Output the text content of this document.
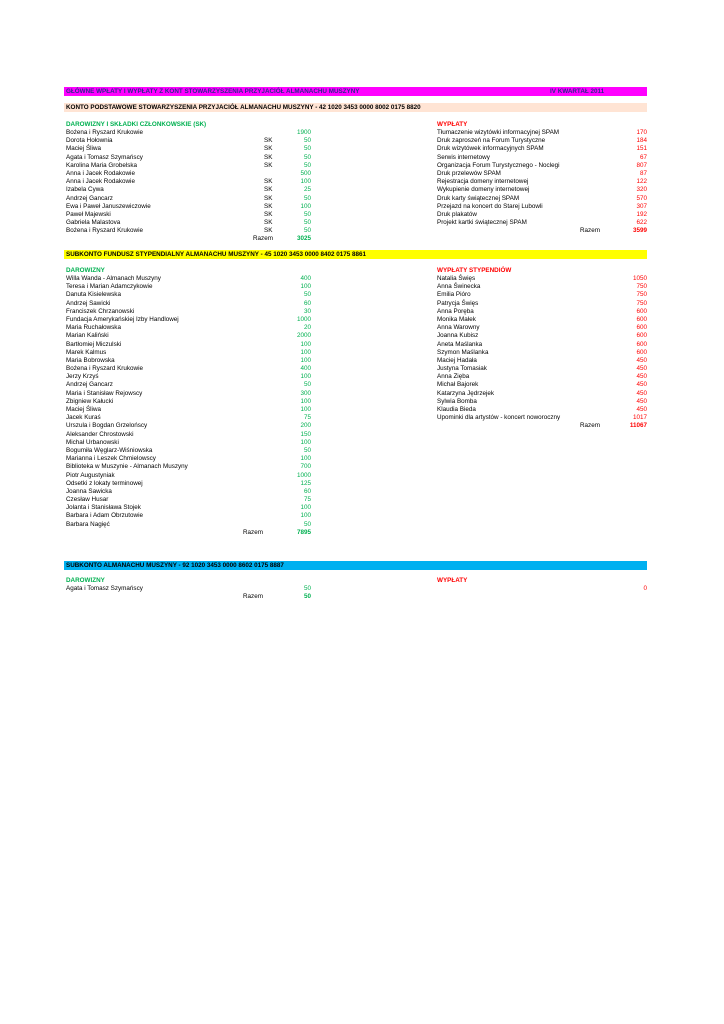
GŁÓWNE WPŁATY I WYPŁATY Z KONT STOWARZYSZENIA PRZYJACIÓŁ ALMANACHU MUSZYNY	IV KWARTAŁ 2011
KONTO PODSTAWOWE STOWARZYSZENIA PRZYJACIÓŁ ALMANACHU MUSZYNY - 42 1020 3453 0000 8002 0175 8820
DAROWIZNY I SKŁADKI CZŁONKOWSKIE (SK)
Bożena i Ryszard Krukowie	1900
Dorota Hołownia	SK	50
Maciej Śliwa	SK	50
Agata i Tomasz Szymańscy	SK	50
Karolina Maria Grobelska	SK	50
Anna i Jacek Rodakowie	500
Anna i Jacek Rodakowie	SK	100
Izabela Cywa	SK	25
Andrzej Gancarz	SK	50
Ewa i Paweł Januszewiczowie	SK	100
Paweł Majewski	SK	50
Gabriela Malastova	SK	50
Bożena i Ryszard Krukowie	SK	50
Razem	3025
WYPŁATY
Tłumaczenie wizytówki informacyjnej SPAM	170
Druk zaproszeń na Forum Turystyczne	184
Druk wizytówek informacyjnych SPAM	151
Serwis internetowy	67
Organizacja Forum Turystycznego - Noclegi	807
Druk przelewów SPAM	87
Rejestracja domeny internetowej	122
Wykupienie domeny internetowej	320
Druk karty świątecznej SPAM	570
Przejazd na koncert do Starej Lubowli	307
Druk plakatów	192
Projekt kartki świątecznej SPAM	622
Razem	3599
SUBKONTO FUNDUSZ STYPENDIALNY ALMANACHU MUSZYNY - 45 1020 3453 0000 8402 0175 8861
DAROWIZNY
Willa Wanda - Almanach Muszyny	400
Teresa i Marian Adamczykowie	100
Danuta Kisielewska	50
Andrzej Sawicki	60
Franciszek Chrzanowski	30
Fundacja Amerykańskiej Izby Handlowej	1000
Maria Ruchałowska	20
Marian Kaliński	2000
Bartłomiej Miczulski	100
Marek Kalmus	100
Maria Bobrowska	100
Bożena i Ryszard Krukowie	400
Jerzy Krzyś	100
Andrzej Gancarz	50
Maria i Stanisław Rejowscy	300
Zbigniew Kałucki	100
Maciej Śliwa	100
Jacek Kuraś	75
Urszula i Bogdan Grzelońscy	200
Aleksander Chrostowski	150
Michał Urbanowski	100
Bogumiła Węglarz-Wiśniowska	50
Marianna i Leszek Chmielowscy	100
Biblioteka w Muszynie - Almanach Muszyny	700
Piotr Augustyniak	1000
Odsetki z lokaty terminowej	125
Joanna Sawicka	60
Czesław Husar	75
Jolanta i Stanisława Stojek	100
Barbara i Adam Obrzutowie	100
Barbara Nagięć	50
Razem	7895
WYPŁATY STYPENDIÓW
Natalia Święs	1050
Anna Świnecka	750
Emilia Pióro	750
Patrycja Święs	750
Anna Poręba	600
Monika Małek	600
Anna Warowny	600
Joanna Kubisz	600
Aneta Maślanka	600
Szymon Maślanka	600
Maciej Hadała	450
Justyna Tomasiak	450
Anna Zięba	450
Michał Bajorek	450
Katarzyna Jędrzejek	450
Sylwia Bomba	450
Klaudia Bieda	450
Upominki dla artystów - koncert noworoczny	1017
Razem	11067
SUBKONTO ALMANACHU MUSZYNY - 92 1020 3453 0000 8602 0175 8887
DAROWIZNY
Agata i Tomasz Szymańscy	50
Razem	50
WYPŁATY
0
